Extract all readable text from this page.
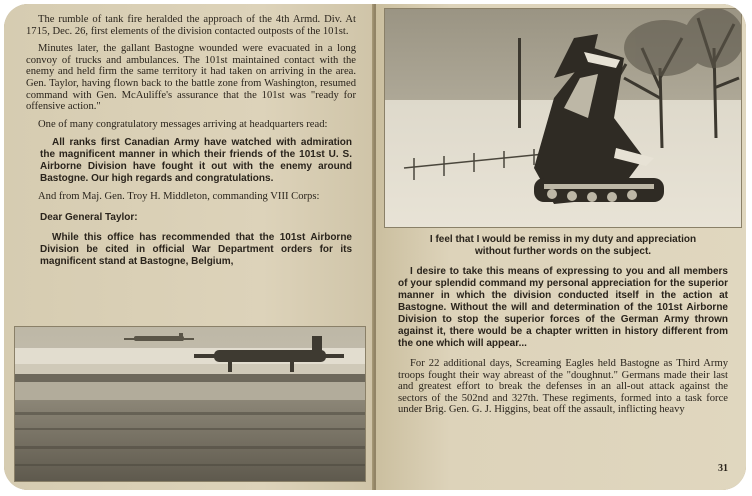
The rumble of tank fire heralded the approach of the 4th Armd. Div. At 1715, Dec. 26, first elements of the division contacted outposts of the 101st.

Minutes later, the gallant Bastogne wounded were evacuated in a long convoy of trucks and ambulances. The 101st maintained contact with the enemy and held firm the same territory it had taken on arriving in the area. Gen. Taylor, having flown back to the battle zone from Washington, resumed command with Gen. McAuliffe's assurance that the 101st was "ready for offensive action."

One of many congratulatory messages arriving at headquarters read:

All ranks first Canadian Army have watched with admiration the magnificent manner in which their friends of the 101st U. S. Airborne Division have fought it out with the enemy around Bastogne. Our high regards and congratulations.

And from Maj. Gen. Troy H. Middleton, commanding VIII Corps:

Dear General Taylor:

While this office has recommended that the 101st Airborne Division be cited in official War Department orders for its magnificent stand at Bastogne, Belgium,

I feel that I would be remiss in my duty and appreciation without further words on the subject.

I desire to take this means of expressing to you and all members of your splendid command my personal appreciation for the superior manner in which the division conducted itself in the action at Bastogne. Without the will and determination of the 101st Airborne Division to stop the superior forces of the German Army thrown against it, there would be a chapter written in history different from the one which will appear...

For 22 additional days, Screaming Eagles held Bastogne as Third Army troops fought their way abreast of the "doughnut." Germans made their last and greatest effort to break the defenses in an all-out attack against the sectors of the 502nd and 327th. These regiments, formed into a task force under Brig. Gen. G. J. Higgins, beat off the assault, inflicting heavy

31
